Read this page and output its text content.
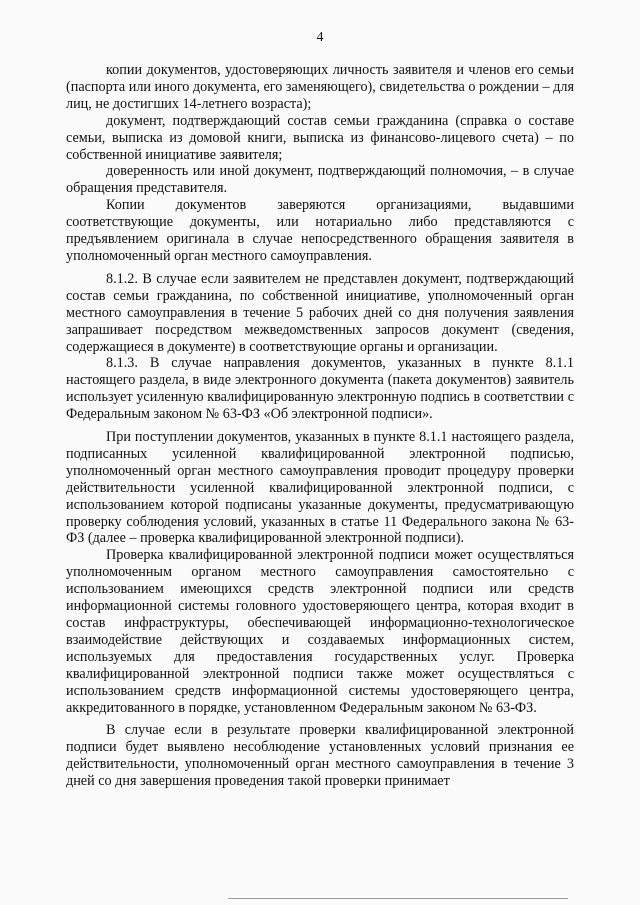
4

копии документов, удостоверяющих личность заявителя и членов его семьи (паспорта или иного документа, его заменяющего), свидетельства о рождении – для лиц, не достигших 14-летнего возраста);

документ, подтверждающий состав семьи гражданина (справка о составе семьи, выписка из домовой книги, выписка из финансово-лицевого счета) – по собственной инициативе заявителя;

доверенность или иной документ, подтверждающий полномочия, – в случае обращения представителя.

Копии документов заверяются организациями, выдавшими соответствующие документы, или нотариально либо представляются с предъявлением оригинала в случае непосредственного обращения заявителя в уполномоченный орган местного самоуправления.

8.1.2. В случае если заявителем не представлен документ, подтверждающий состав семьи гражданина, по собственной инициативе, уполномоченный орган местного самоуправления в течение 5 рабочих дней со дня получения заявления запрашивает посредством межведомственных запросов документ (сведения, содержащиеся в документе) в соответствующие органы и организации.

8.1.3. В случае направления документов, указанных в пункте 8.1.1 настоящего раздела, в виде электронного документа (пакета документов) заявитель использует усиленную квалифицированную электронную подпись в соответствии с Федеральным законом № 63-ФЗ «Об электронной подписи».

При поступлении документов, указанных в пункте 8.1.1 настоящего раздела, подписанных усиленной квалифицированной электронной подписью, уполномоченный орган местного самоуправления проводит процедуру проверки действительности усиленной квалифицированной электронной подписи, с использованием которой подписаны указанные документы, предусматривающую проверку соблюдения условий, указанных в статье 11 Федерального закона № 63-ФЗ (далее – проверка квалифицированной электронной подписи).

Проверка квалифицированной электронной подписи может осуществляться уполномоченным органом местного самоуправления самостоятельно с использованием имеющихся средств электронной подписи или средств информационной системы головного удостоверяющего центра, которая входит в состав инфраструктуры, обеспечивающей информационно-технологическое взаимодействие действующих и создаваемых информационных систем, используемых для предоставления государственных услуг. Проверка квалифицированной электронной подписи также может осуществляться с использованием средств информационной системы удостоверяющего центра, аккредитованного в порядке, установленном Федеральным законом № 63-ФЗ.

В случае если в результате проверки квалифицированной электронной подписи будет выявлено несоблюдение установленных условий признания ее действительности, уполномоченный орган местного самоуправления в течение 3 дней со дня завершения проведения такой проверки принимает
